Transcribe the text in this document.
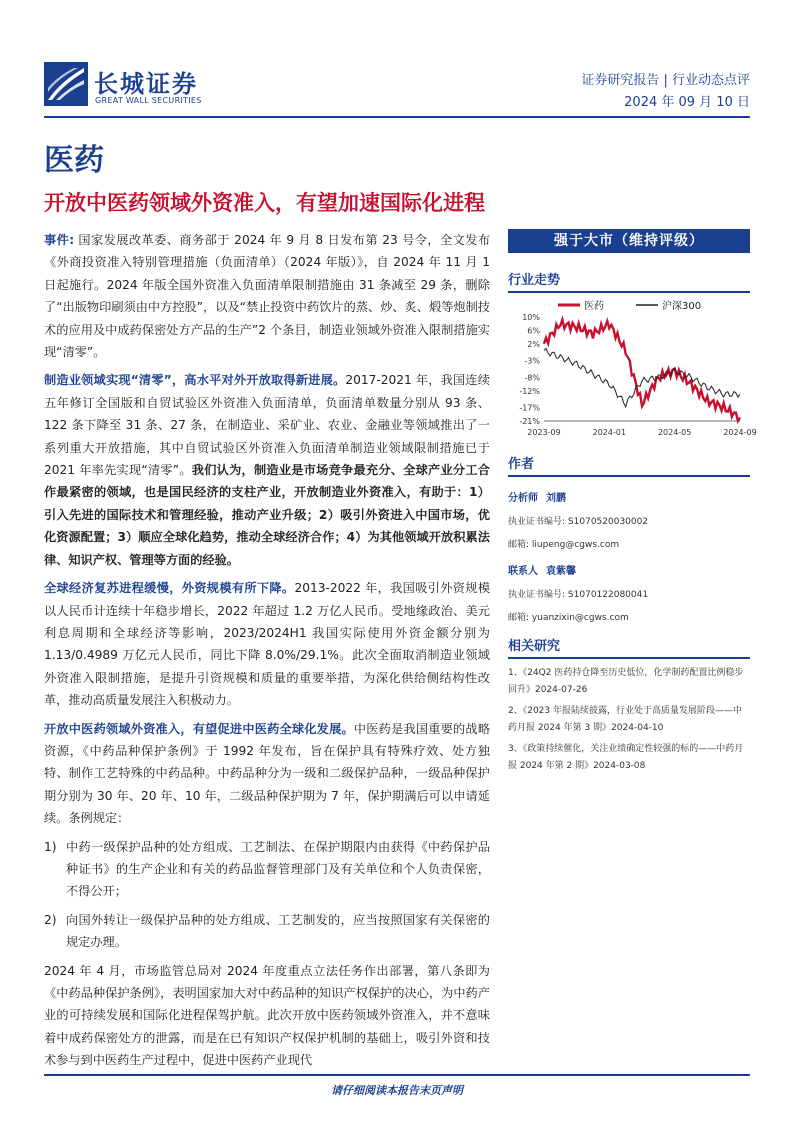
长城证券
GREAT WALL SECURITIES
证券研究报告 | 行业动态点评
2024 年 09 月 10 日
医药
开放中医药领域外资准入，有望加速国际化进程

事件: 国家发展改革委、商务部于 2024 年 9 月 8 日发布第 23 号令，全文发布《外商投资准入特别管理措施（负面清单）（2024 年版）》，自 2024 年 11 月 1 日起施行。2024 年版全国外资准入负面清单限制措施由 31 条减至 29 条，删除了“出版物印刷须由中方控股”，以及“禁止投资中药饮片的蒸、炒、炙、煅等炮制技术的应用及中成药保密处方产品的生产”2 个条目，制造业领域外资准入限制措施实现“清零”。

制造业领域实现“清零”，高水平对外开放取得新进展。2017-2021 年，我国连续五年修订全国版和自贸试验区外资准入负面清单，负面清单数量分别从 93 条、122 条下降至 31 条、27 条，在制造业、采矿业、农业、金融业等领域推出了一系列重大开放措施，其中自贸试验区外资准入负面清单制造业领域限制措施已于 2021 年率先实现“清零”。我们认为，制造业是市场竞争最充分、全球产业分工合作最紧密的领域，也是国民经济的支柱产业，开放制造业外资准入，有助于：1）引入先进的国际技术和管理经验，推动产业升级；2）吸引外资进入中国市场，优化资源配置；3）顺应全球化趋势，推动全球经济合作；4）为其他领域开放积累法律、知识产权、管理等方面的经验。

全球经济复苏进程缓慢，外资规模有所下降。2013-2022 年，我国吸引外资规模以人民币计连续十年稳步增长，2022 年超过 1.2 万亿人民币。受地缘政治、美元利息周期和全球经济等影响，2023/2024H1 我国实际使用外资金额分别为 1.13/0.4989 万亿元人民币，同比下降 8.0%/29.1%。此次全面取消制造业领域外资准入限制措施，是提升引资规模和质量的重要举措，为深化供给侧结构性改革，推动高质量发展注入积极动力。

开放中医药领域外资准入，有望促进中医药全球化发展。中医药是我国重要的战略资源，《中药品种保护条例》于 1992 年发布，旨在保护具有特殊疗效、处方独特、制作工艺特殊的中药品种。中药品种分为一级和二级保护品种，一级品种保护期分别为 30 年、20 年、10 年，二级品种保护期为 7 年，保护期满后可以申请延续。条例规定：

1) 中药一级保护品种的处方组成、工艺制法、在保护期限内由获得《中药保护品种证书》的生产企业和有关的药品监督管理部门及有关单位和个人负责保密，不得公开；
2) 向国外转让一级保护品种的处方组成、工艺制发的，应当按照国家有关保密的规定办理。

2024 年 4 月，市场监管总局对 2024 年度重点立法任务作出部署，第八条即为《中药品种保护条例》，表明国家加大对中药品种的知识产权保护的决心，为中药产业的可持续发展和国际化进程保驾护航。此次开放中医药领域外资准入，并不意味着中成药保密处方的泄露，而是在已有知识产权保护机制的基础上，吸引外资和技术参与到中医药生产过程中，促进中医药产业现代

强于大市（维持评级）
行业走势
医药	沪深300
10%
6%
2%
-3%
-8%
-12%
-17%
-21%
2023-09	2024-01	2024-05	2024-09
作者
分析师 刘鹏
执业证书编号: S1070520030002
邮箱: liupeng@cgws.com
联系人 袁紫馨
执业证书编号: S1070122080041
邮箱: yuanzixin@cgws.com
相关研究
1、《24Q2 医药持仓降至历史低位，化学制药配置比例稳步回升》2024-07-26
2、《2023 年报陆续披露，行业处于高质量发展阶段——中药月报 2024 年第 3 期》2024-04-10
3、《政策持续催化，关注业绩确定性较强的标的——中药月报 2024 年第 2 期》2024-03-08
请仔细阅读本报告末页声明
